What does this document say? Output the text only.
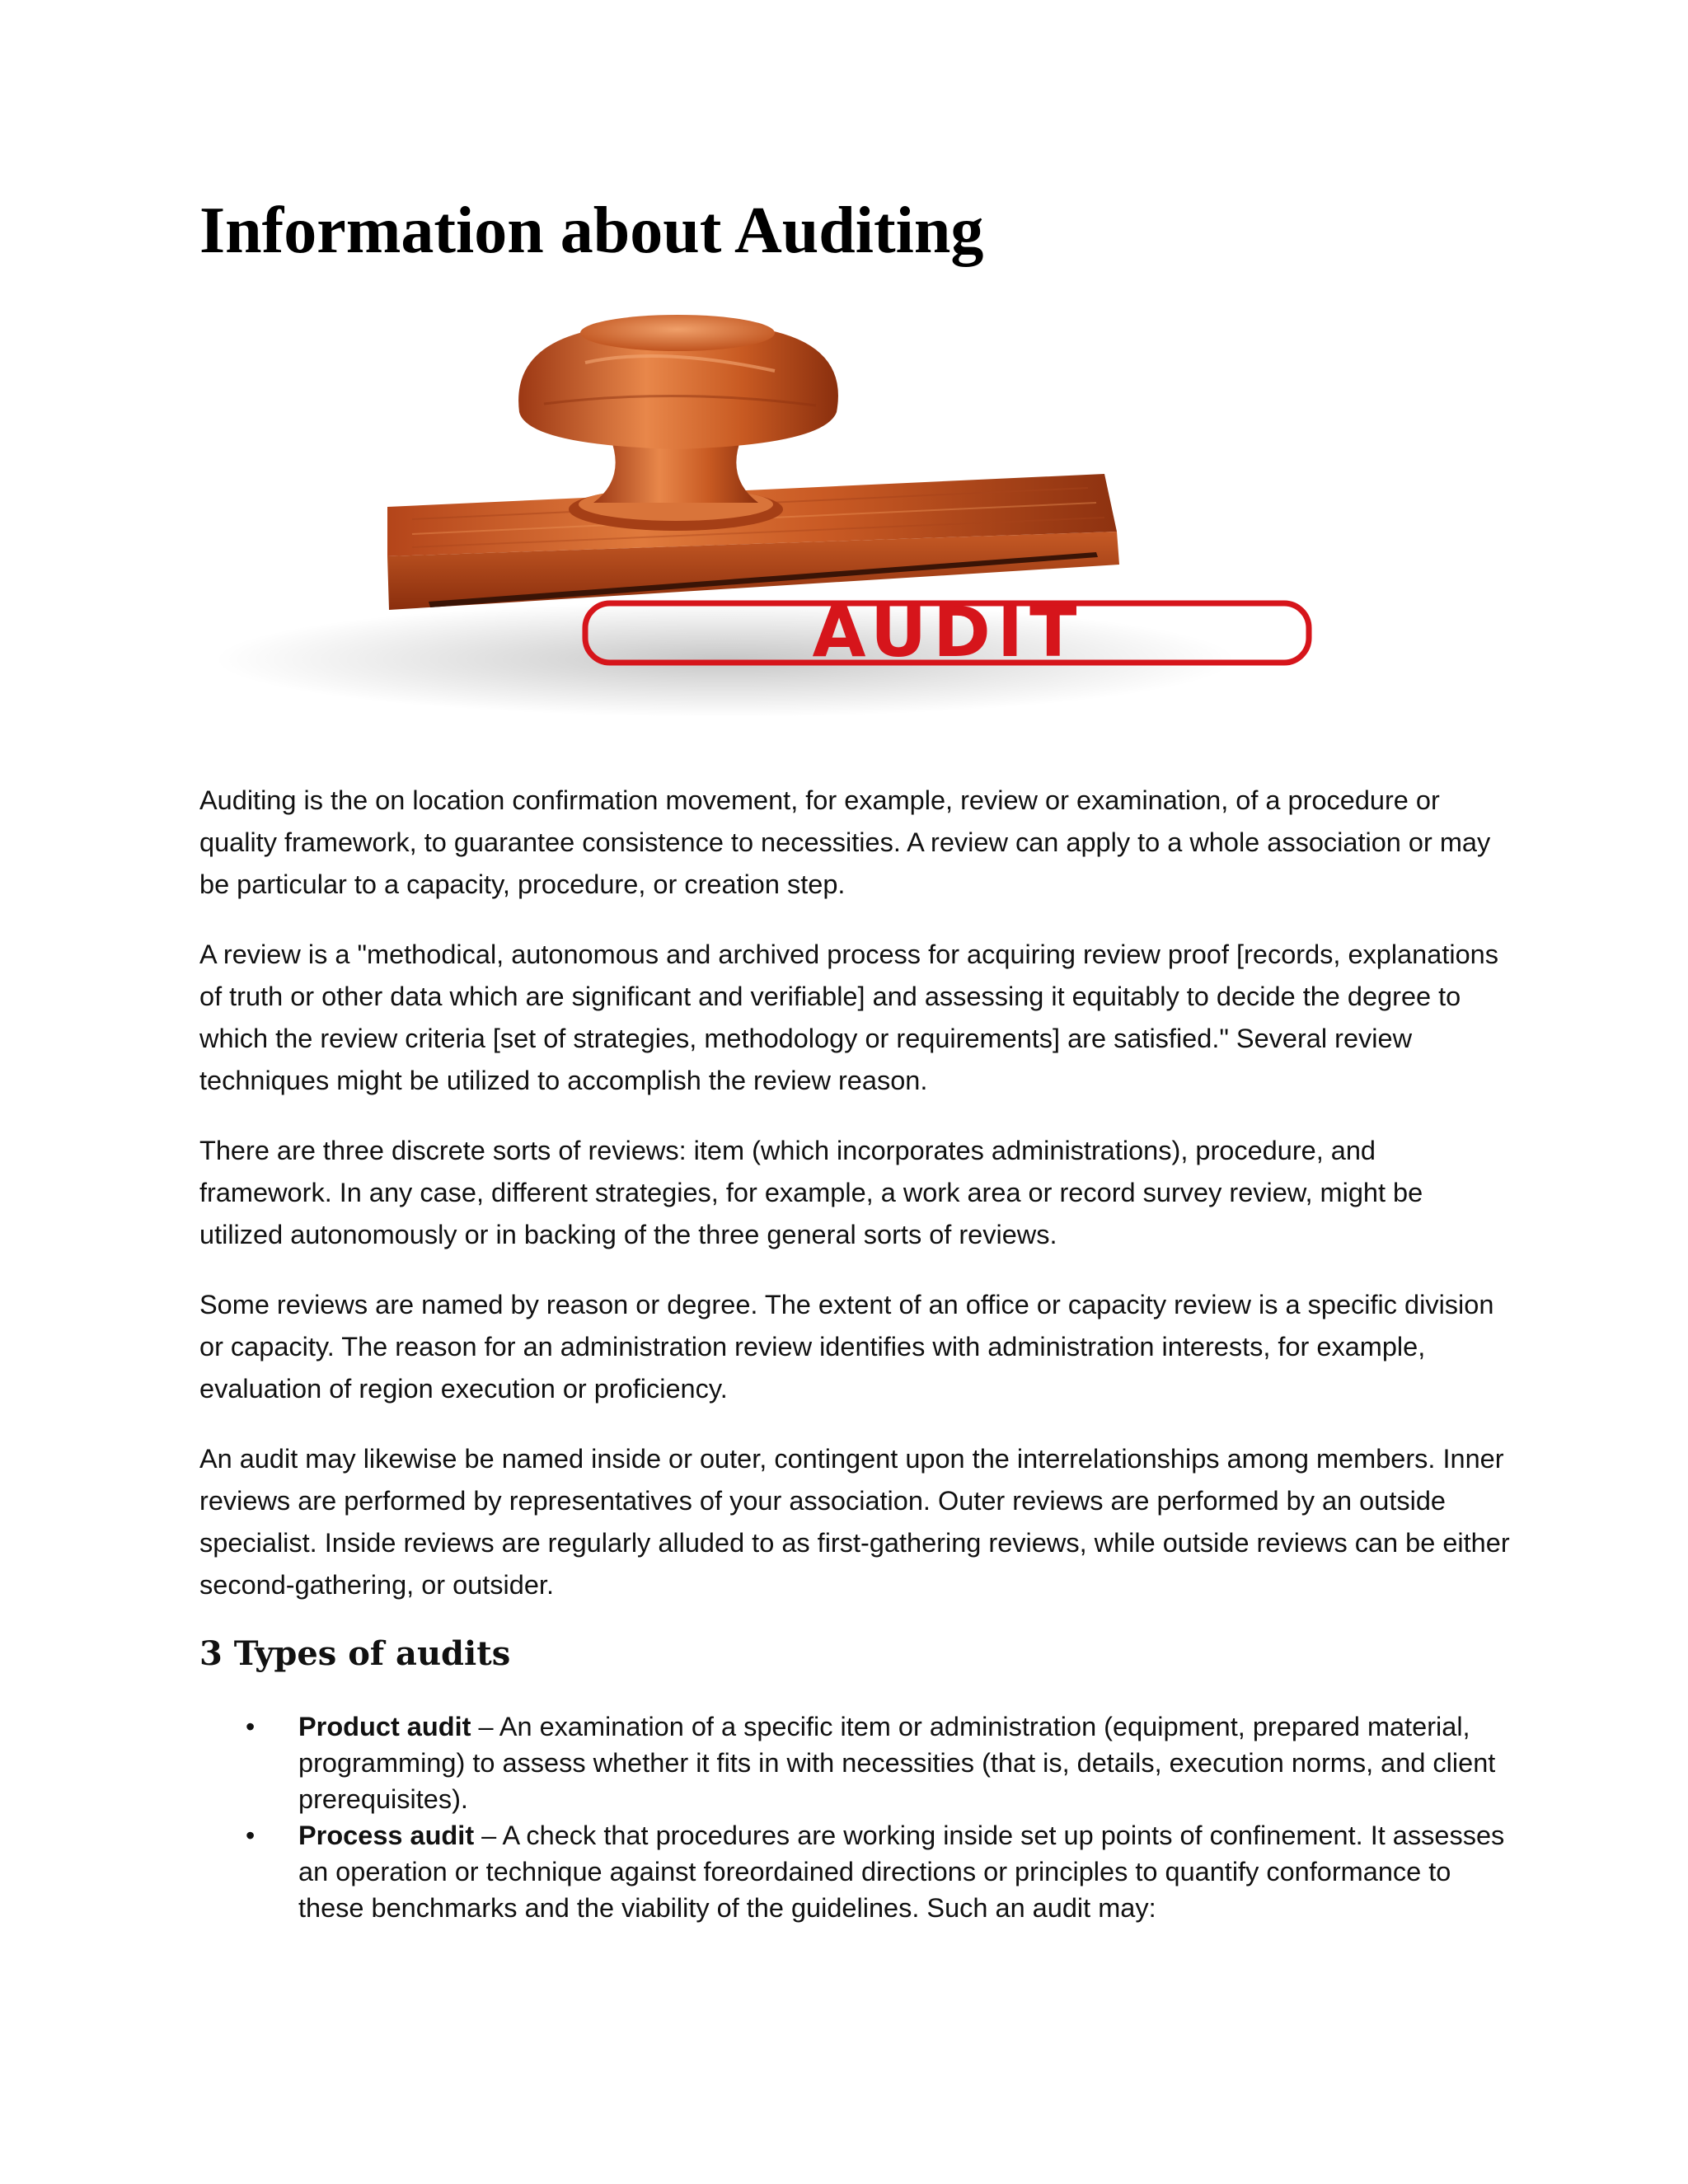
Information about Auditing
AUDIT

Auditing is the on location confirmation movement, for example, review or examination, of a procedure or quality framework, to guarantee consistence to necessities. A review can apply to a whole association or may be particular to a capacity, procedure, or creation step.

A review is a "methodical, autonomous and archived process for acquiring review proof [records, explanations of truth or other data which are significant and verifiable] and assessing it equitably to decide the degree to which the review criteria [set of strategies, methodology or requirements] are satisfied." Several review techniques might be utilized to accomplish the review reason.

There are three discrete sorts of reviews: item (which incorporates administrations), procedure, and framework. In any case, different strategies, for example, a work area or record survey review, might be utilized autonomously or in backing of the three general sorts of reviews.

Some reviews are named by reason or degree. The extent of an office or capacity review is a specific division or capacity. The reason for an administration review identifies with administration interests, for example, evaluation of region execution or proficiency.

An audit may likewise be named inside or outer, contingent upon the interrelationships among members. Inner reviews are performed by representatives of your association. Outer reviews are performed by an outside specialist. Inside reviews are regularly alluded to as first-gathering reviews, while outside reviews can be either second-gathering, or outsider.

3 Types of audits
• Product audit – An examination of a specific item or administration (equipment, prepared material, programming) to assess whether it fits in with necessities (that is, details, execution norms, and client prerequisites).
• Process audit – A check that procedures are working inside set up points of confinement. It assesses an operation or technique against foreordained directions or principles to quantify conformance to these benchmarks and the viability of the guidelines. Such an audit may:
